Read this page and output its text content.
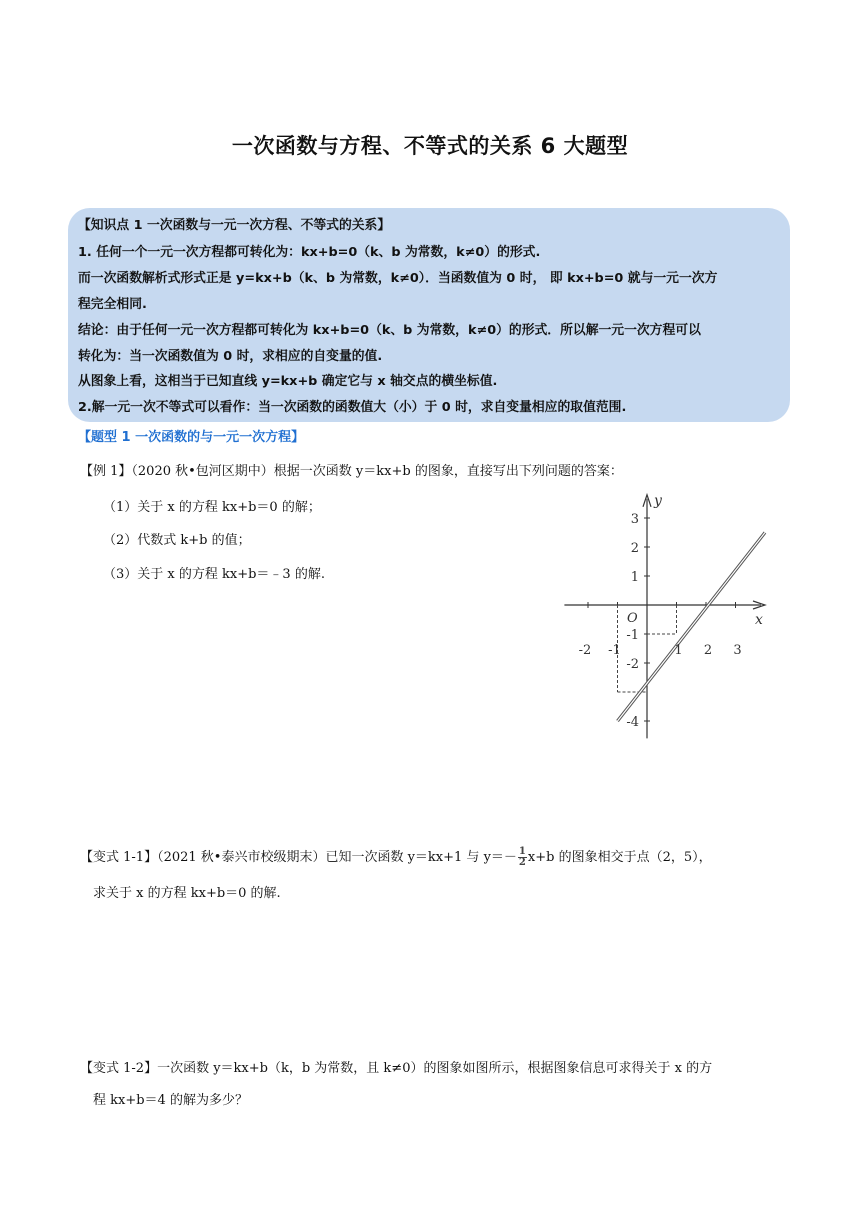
一次函数与方程、不等式的关系 6 大题型
【知识点 1 一次函数与一元一次方程、不等式的关系】
1. 任何一个一元一次方程都可转化为：kx+b=0（k、b 为常数，k≠0）的形式.
而一次函数解析式形式正是 y=kx+b（k、b 为常数，k≠0）．当函数值为 0 时， 即 kx+b=0 就与一元一次方
程完全相同.
结论：由于任何一元一次方程都可转化为 kx+b=0（k、b 为常数，k≠0）的形式．所以解一元一次方程可以
转化为：当一次函数值为 0 时，求相应的自变量的值.
从图象上看，这相当于已知直线 y=kx+b 确定它与 x 轴交点的横坐标值.
2.解一元一次不等式可以看作：当一次函数的函数值大（小）于 0 时，求自变量相应的取值范围.
【题型 1 一次函数的与一元一次方程】
【例 1】（2020 秋•包河区期中）根据一次函数 y＝kx+b 的图象，直接写出下列问题的答案：
（1）关于 x 的方程 kx+b＝0 的解；
（2）代数式 k+b 的值；
（3）关于 x 的方程 kx+b＝﹣3 的解.
-2 -1	1 2 3
3
2
1
-1
-2
-4
x
y
O
【变式 1-1】（2021 秋•泰兴市校级期末）已知一次函数 y＝kx+1 与 $y=- \frac{1}{2} x+b$ 的图象相交于点（2，5），
求关于 x 的方程 kx+b＝0 的解.
【变式 1-2】一次函数 y＝kx+b（k，b 为常数，且 k≠0）的图象如图所示，根据图象信息可求得关于 x 的方
程 kx+b＝4 的解为多少？
